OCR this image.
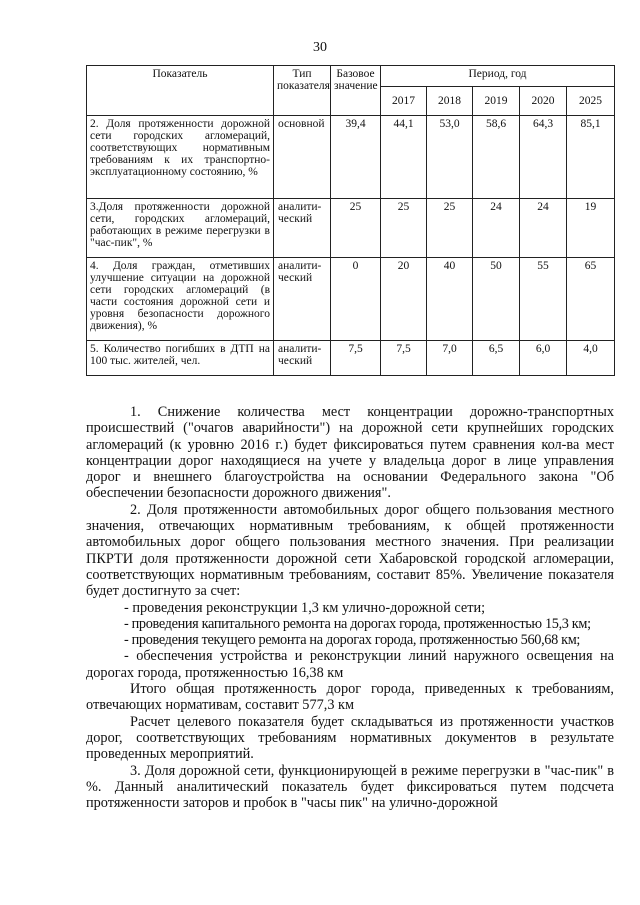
30
Показатель	Тип показателя	Базовое значение	Период, год				
			2017	2018	2019	2020	2025
2. Доля протяженности дорожной сети городских агломераций, соответствующих нормативным требованиям к их транспортно-эксплуатационному состоянию, %	основной	39,4	44,1	53,0	58,6	64,3	85,1
3.Доля протяженности дорожной сети, городских агломераций, работающих в режиме перегрузки в "час-пик", %	аналити-ческий	25	25	25	24	24	19
4. Доля граждан, отметивших улучшение ситуации на дорожной сети городских агломераций (в части состояния дорожной сети и уровня безопасности дорожного движения), %	аналити-ческий	0	20	40	50	55	65
5. Количество погибших в ДТП на 100 тыс. жителей, чел.	аналити-ческий	7,5	7,5	7,0	6,5	6,0	4,0

1. Снижение количества мест концентрации дорожно-транспортных происшествий ("очагов аварийности") на дорожной сети крупнейших городских агломераций (к уровню 2016 г.) будет фиксироваться путем сравнения кол-ва мест концентрации дорог находящиеся на учете у владельца дорог в лице управления дорог и внешнего благоустройства на основании Федерального закона "Об обеспечении безопасности дорожного движения".

2. Доля протяженности автомобильных дорог общего пользования местного значения, отвечающих нормативным требованиям, к общей протяженности автомобильных дорог общего пользования местного значения. При реализации ПКРТИ доля протяженности дорожной сети Хабаровской городской агломерации, соответствующих нормативным требованиям, составит 85%. Увеличение показателя будет достигнуто за счет:

- проведения реконструкции 1,3 км улично-дорожной сети;

- проведения капитального ремонта на дорогах города, протяженностью 15,3 км;

- проведения текущего ремонта на дорогах города, протяженностью 560,68 км;

- обеспечения устройства и реконструкции линий наружного освещения на дорогах города, протяженностью 16,38 км

Итого общая протяженность дорог города, приведенных к требованиям, отвечающих нормативам, составит 577,3 км

Расчет целевого показателя будет складываться из протяженности участков дорог, соответствующих требованиям нормативных документов в результате проведенных мероприятий.

3. Доля дорожной сети, функционирующей в режиме перегрузки в "час-пик" в %. Данный аналитический показатель будет фиксироваться путем подсчета протяженности заторов и пробок в "часы пик" на улично-дорожной
